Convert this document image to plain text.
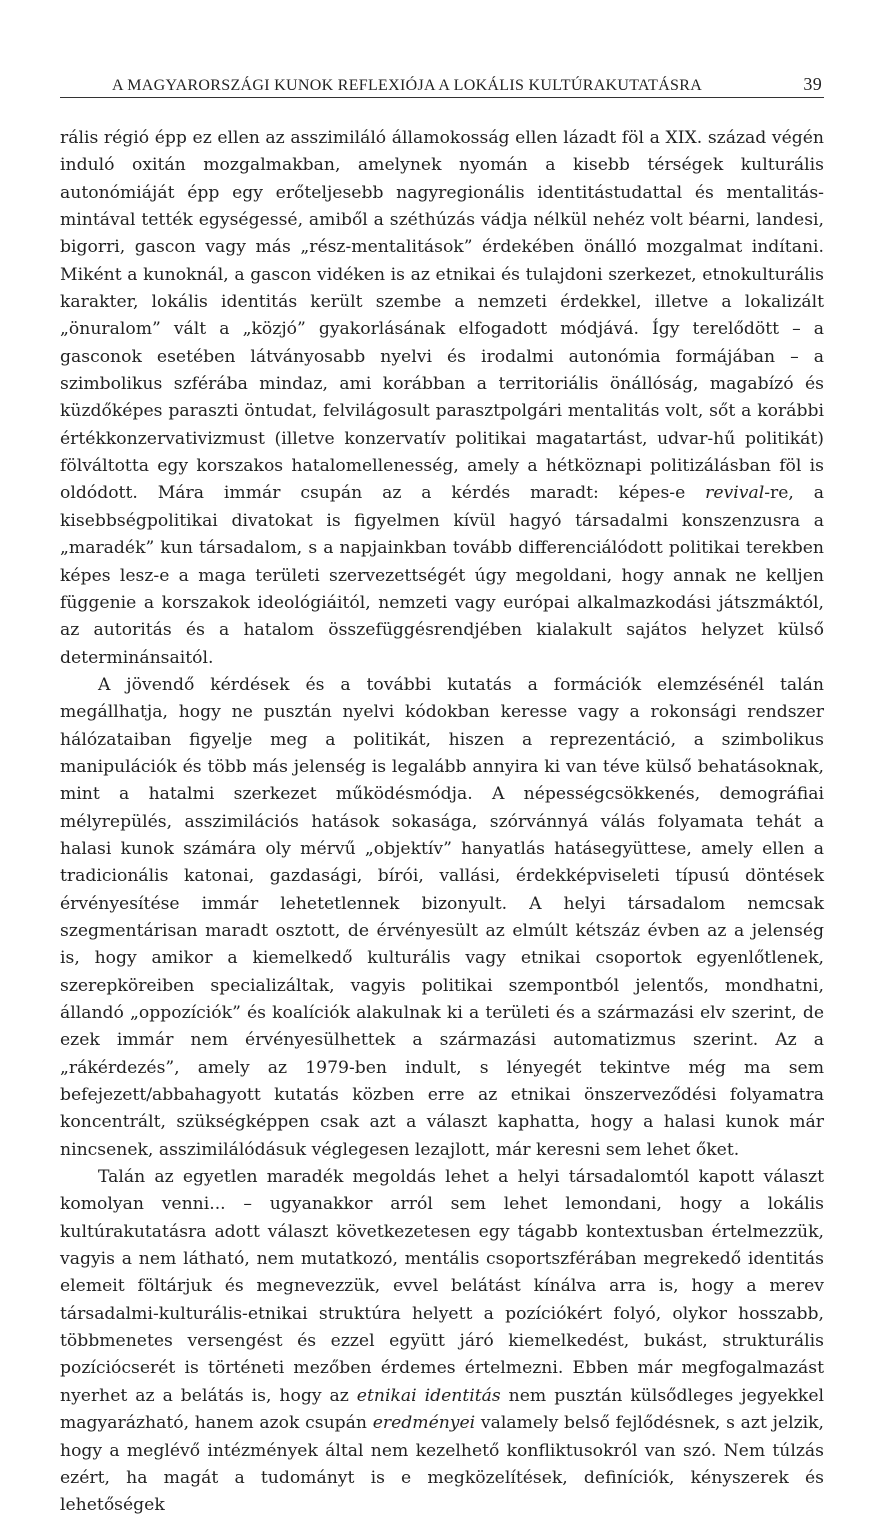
A MAGYARORSZÁGI KUNOK REFLEXIÓJA A LOKÁLIS KULTÚRAKUTATÁSRA	39

rális régió épp ez ellen az asszimiláló államokosság ellen lázadt föl a XIX. század végén induló oxitán mozgalmakban, amelynek nyomán a kisebb térségek kulturális autonómiáját épp egy erőteljesebb nagyregionális identitástudattal és mentalitás-mintával tették egységessé, amiből a széthúzás vádja nélkül nehéz volt béarni, landesi, bigorri, gascon vagy más „rész-mentalitások” érdekében önálló mozgalmat indítani. Miként a kunoknál, a gascon vidéken is az etnikai és tulajdoni szerkezet, etnokulturális karakter, lokális identitás került szembe a nemzeti érdekkel, illetve a lokalizált „önuralom” vált a „közjó” gyakorlásának elfogadott módjává. Így terelődött – a gasconok esetében látványosabb nyelvi és irodalmi autonómia formájában – a szimbolikus szférába mindaz, ami korábban a territoriális önállóság, magabízó és küzdőképes paraszti öntudat, felvilágosult parasztpolgári mentalitás volt, sőt a korábbi értékkonzervativizmust (illetve konzervatív politikai magatartást, udvar-hű politikát) fölváltotta egy korszakos hatalomellenesség, amely a hétköznapi politizálásban föl is oldódott. Mára immár csupán az a kérdés maradt: képes-e revival-re, a kisebbségpolitikai divatokat is figyelmen kívül hagyó társadalmi konszenzusra a „maradék” kun társadalom, s a napjainkban tovább differenciálódott politikai terekben képes lesz-e a maga területi szervezettségét úgy megoldani, hogy annak ne kelljen függenie a korszakok ideológiáitól, nemzeti vagy európai alkalmazkodási játszmáktól, az autoritás és a hatalom összefüggésrendjében kialakult sajátos helyzet külső determinánsaitól.

A jövendő kérdések és a további kutatás a formációk elemzésénél talán megállhatja, hogy ne pusztán nyelvi kódokban keresse vagy a rokonsági rendszer hálózataiban figyelje meg a politikát, hiszen a reprezentáció, a szimbolikus manipulációk és több más jelenség is legalább annyira ki van téve külső behatásoknak, mint a hatalmi szerkezet működésmódja. A népességcsökkenés, demográfiai mélyrepülés, asszimilációs hatások sokasága, szórvánnyá válás folyamata tehát a halasi kunok számára oly mérvű „objektív” hanyatlás hatásegyüttese, amely ellen a tradicionális katonai, gazdasági, bírói, vallási, érdekképviseleti típusú döntések érvényesítése immár lehetetlennek bizonyult. A helyi társadalom nemcsak szegmentárisan maradt osztott, de érvényesült az elmúlt kétszáz évben az a jelenség is, hogy amikor a kiemelkedő kulturális vagy etnikai csoportok egyenlőtlenek, szerepköreiben specializáltak, vagyis politikai szempontból jelentős, mondhatni, állandó „oppozíciók” és koalíciók alakulnak ki a területi és a származási elv szerint, de ezek immár nem érvényesülhettek a származási automatizmus szerint. Az a „rákérdezés”, amely az 1979-ben indult, s lényegét tekintve még ma sem befejezett/abbahagyott kutatás közben erre az etnikai önszerveződési folyamatra koncentrált, szükségképpen csak azt a választ kaphatta, hogy a halasi kunok már nincsenek, asszimilálódásuk véglegesen lezajlott, már keresni sem lehet őket.

Talán az egyetlen maradék megoldás lehet a helyi társadalomtól kapott választ komolyan venni... – ugyanakkor arról sem lehet lemondani, hogy a lokális kultúrakutatásra adott választ következetesen egy tágabb kontextusban értelmezzük, vagyis a nem látható, nem mutatkozó, mentális csoportszférában megrekedő identitás elemeit föltárjuk és megnevezzük, evvel belátást kínálva arra is, hogy a merev társadalmi-kulturális-etnikai struktúra helyett a pozíciókért folyó, olykor hosszabb, többmenetes versengést és ezzel együtt járó kiemelkedést, bukást, strukturális pozíciócserét is történeti mezőben érdemes értelmezni. Ebben már megfogalmazást nyerhet az a belátás is, hogy az etnikai identitás nem pusztán külsődleges jegyekkel magyarázható, hanem azok csupán eredményei valamely belső fejlődésnek, s azt jelzik, hogy a meglévő intézmények által nem kezelhető konfliktusokról van szó. Nem túlzás ezért, ha magát a tudományt is e megközelítések, definíciók, kényszerek és lehetőségek
